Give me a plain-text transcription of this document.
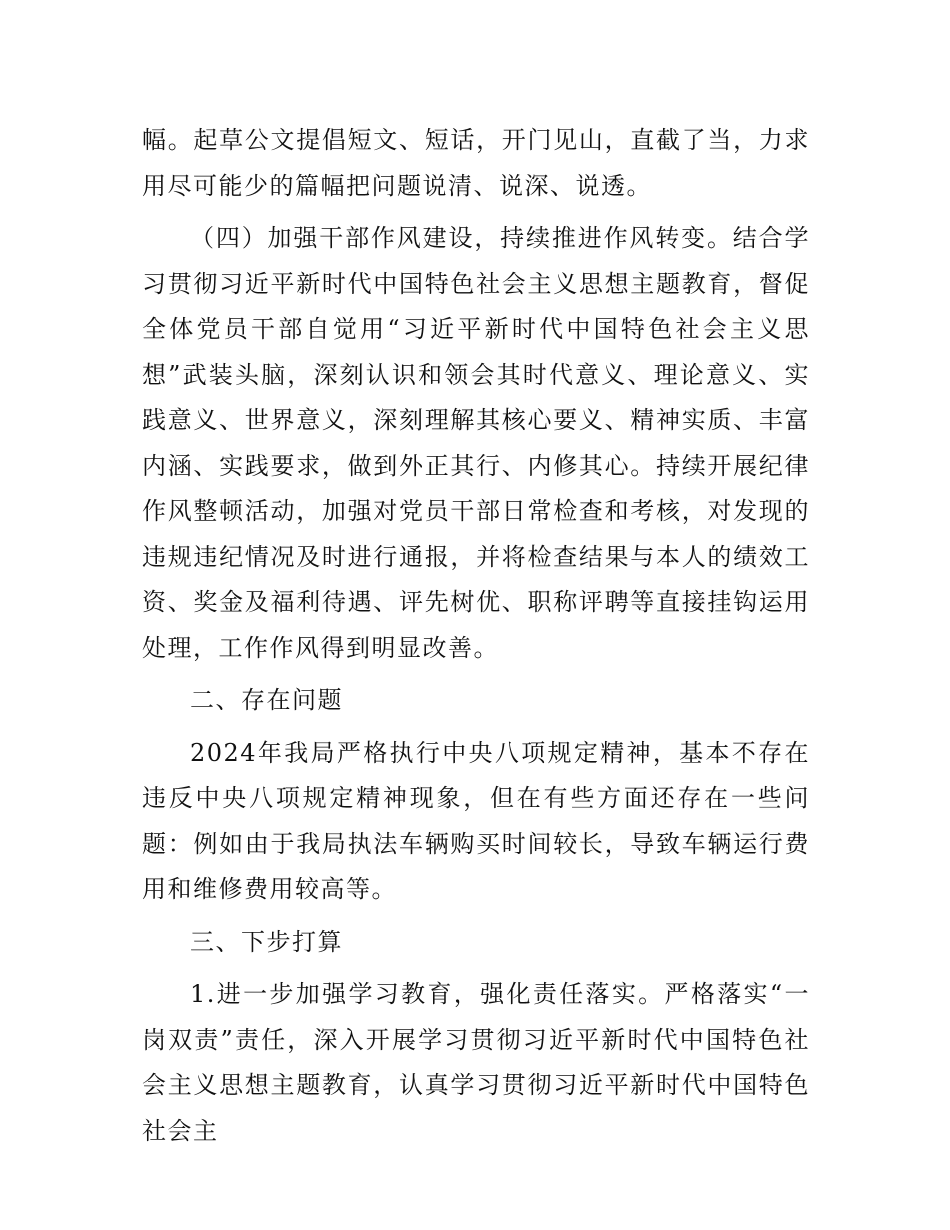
幅。起草公文提倡短文、短话，开门见山，直截了当，力求用尽可能少的篇幅把问题说清、说深、说透。

（四）加强干部作风建设，持续推进作风转变。结合学习贯彻习近平新时代中国特色社会主义思想主题教育，督促全体党员干部自觉用“习近平新时代中国特色社会主义思想”武装头脑，深刻认识和领会其时代意义、理论意义、实践意义、世界意义，深刻理解其核心要义、精神实质、丰富内涵、实践要求，做到外正其行、内修其心。持续开展纪律作风整顿活动，加强对党员干部日常检查和考核，对发现的违规违纪情况及时进行通报，并将检查结果与本人的绩效工资、奖金及福利待遇、评先树优、职称评聘等直接挂钩运用处理，工作作风得到明显改善。

二、存在问题

2024年我局严格执行中央八项规定精神，基本不存在违反中央八项规定精神现象，但在有些方面还存在一些问题：例如由于我局执法车辆购买时间较长，导致车辆运行费用和维修费用较高等。

三、下步打算

1.进一步加强学习教育，强化责任落实。严格落实“一岗双责”责任，深入开展学习贯彻习近平新时代中国特色社会主义思想主题教育，认真学习贯彻习近平新时代中国特色社会主
